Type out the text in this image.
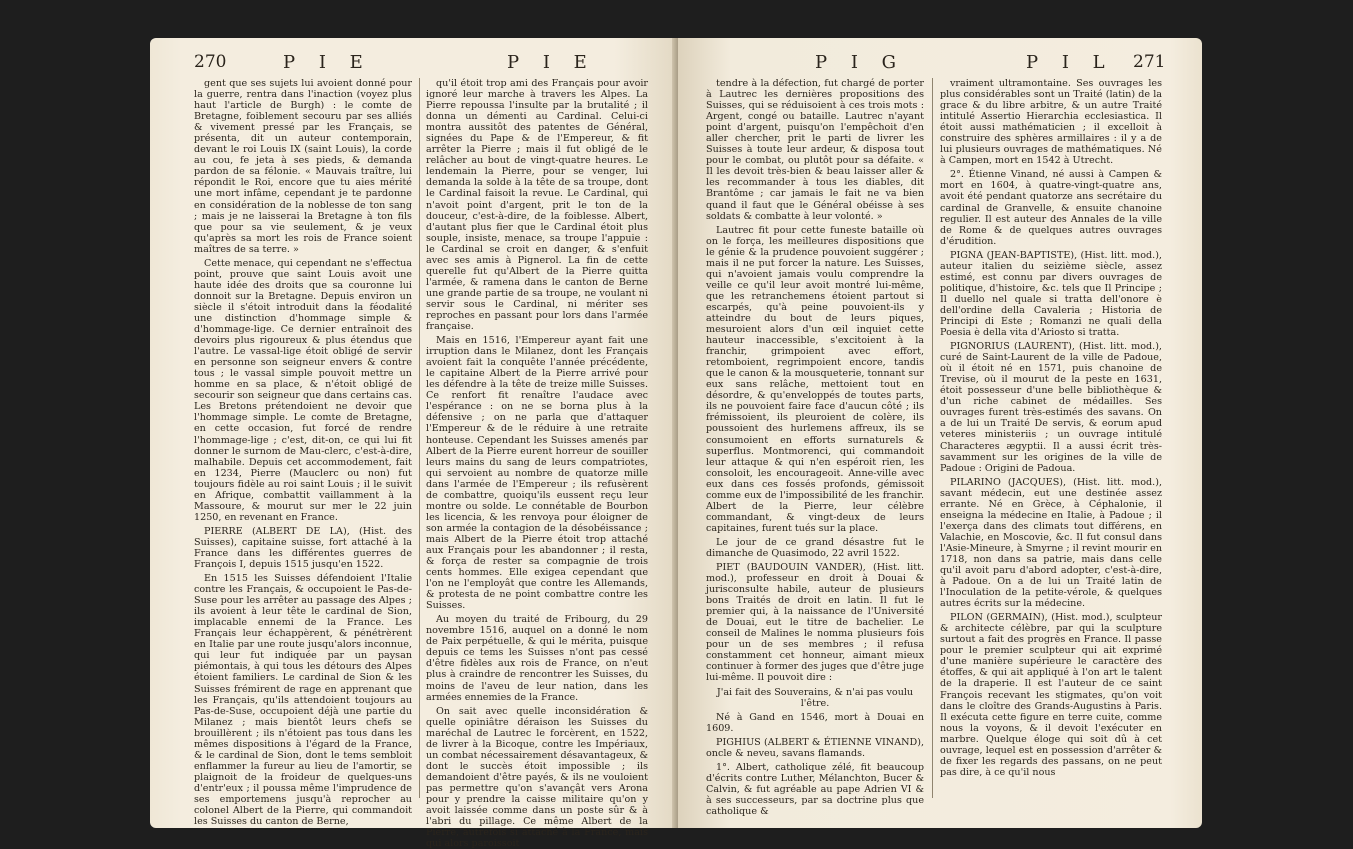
270	P I E	P I E

gent que ses sujets lui avoient donné pour la guerre, rentra dans l'inaction (voyez plus haut l'article de Burgh) : le comte de Bretagne, foiblement secouru par ses alliés & vivement pressé par les Français, se présenta, dit un auteur contemporain, devant le roi Louis IX (saint Louis), la corde au cou, fe jeta à ses pieds, & demanda pardon de sa félonie. « Mauvais traître, lui répondit le Roi, encore que tu aies mérité une mort infâme, cependant je te pardonne en considération de la noblesse de ton sang ; mais je ne laisserai la Bretagne à ton fils que pour sa vie seulement, & je veux qu'après sa mort les rois de France soient maîtres de sa terre. »

Cette menace, qui cependant ne s'effectua point, prouve que saint Louis avoit une haute idée des droits que sa couronne lui donnoit sur la Bretagne. Depuis environ un siècle il s'étoit introduit dans la féodalité une distinction d'hommage simple & d'hommage-lige. Ce dernier entraînoit des devoirs plus rigoureux & plus étendus que l'autre. Le vassal-lige étoit obligé de servir en personne son seigneur envers & contre tous ; le vassal simple pouvoit mettre un homme en sa place, & n'étoit obligé de secourir son seigneur que dans certains cas. Les Bretons prétendoient ne devoir que l'hommage simple. Le comte de Bretagne, en cette occasion, fut forcé de rendre l'hommage-lige ; c'est, dit-on, ce qui lui fit donner le surnom de Mau-clerc, c'est-à-dire, malhabile. Depuis cet accommodement, fait en 1234, Pierre (Mauclerc ou non) fut toujours fidèle au roi saint Louis ; il le suivit en Afrique, combattit vaillamment à la Massoure, & mourut sur mer le 22 juin 1250, en revenant en France.

PIERRE (ALBERT DE LA), (Hist. des Suisses), capitaine suisse, fort attaché à la France dans les différentes guerres de François I, depuis 1515 jusqu'en 1522.

En 1515 les Suisses défendoient l'Italie contre les Français, & occupoient le Pas-de-Suse pour les arrêter au passage des Alpes ; ils avoient à leur tête le cardinal de Sion, implacable ennemi de la France. Les Français leur échappèrent, & pénétrèrent en Italie par une route jusqu'alors inconnue, qui leur fut indiquée par un paysan piémontais, à qui tous les détours des Alpes étoient familiers. Le cardinal de Sion & les Suisses frémirent de rage en apprenant que les Français, qu'ils attendoient toujours au Pas-de-Suse, occupoient déjà une partie du Milanez ; mais bientôt leurs chefs se brouillèrent ; ils n'étoient pas tous dans les mêmes dispositions à l'égard de la France, & le cardinal de Sion, dont le tems sembloit enflammer la fureur au lieu de l'amortir, se plaignoit de la froideur de quelques-uns d'entr'eux ; il poussa même l'imprudence de ses emportemens jusqu'à reprocher au colonel Albert de la Pierre, qui commandoit les Suisses du canton de Berne,

qu'il étoit trop ami des Français pour avoir ignoré leur marche à travers les Alpes. La Pierre repoussa l'insulte par la brutalité ; il donna un démenti au Cardinal. Celui-ci montra aussitôt des patentes de Général, signées du Pape & de l'Empereur, & fit arrêter la Pierre ; mais il fut obligé de le relâcher au bout de vingt-quatre heures. Le lendemain la Pierre, pour se venger, lui demanda la solde à la tête de sa troupe, dont le Cardinal faisoit la revue. Le Cardinal, qui n'avoit point d'argent, prit le ton de la douceur, c'est-à-dire, de la foiblesse. Albert, d'autant plus fier que le Cardinal étoit plus souple, insiste, menace, sa troupe l'appuie : le Cardinal se croit en danger, & s'enfuit avec ses amis à Pignerol. La fin de cette querelle fut qu'Albert de la Pierre quitta l'armée, & ramena dans le canton de Berne une grande partie de sa troupe, ne voulant ni servir sous le Cardinal, ni mériter ses reproches en passant pour lors dans l'armée française.

Mais en 1516, l'Empereur ayant fait une irruption dans le Milanez, dont les Français avoient fait la conquête l'année précédente, le capitaine Albert de la Pierre arrivé pour les défendre à la tête de treize mille Suisses. Ce renfort fit renaître l'audace avec l'espérance : on ne se borna plus à la défensive ; on ne parla que d'attaquer l'Empereur & de le réduire à une retraite honteuse. Cependant les Suisses amenés par Albert de la Pierre eurent horreur de souiller leurs mains du sang de leurs compatriotes, qui servoient au nombre de quatorze mille dans l'armée de l'Empereur ; ils refusèrent de combattre, quoiqu'ils eussent reçu leur montre ou solde. Le connétable de Bourbon les licencia, & les renvoya pour éloigner de son armée la contagion de la désobéissance ; mais Albert de la Pierre étoit trop attaché aux Français pour les abandonner ; il resta, & força de rester sa compagnie de trois cents hommes. Elle exigea cependant que l'on ne l'employât que contre les Allemands, & protesta de ne point combattre contre les Suisses.

Au moyen du traité de Fribourg, du 29 novembre 1516, auquel on a donné le nom de Paix perpétuelle, & qui le mérita, puisque depuis ce tems les Suisses n'ont pas cessé d'être fidèles aux rois de France, on n'eut plus à craindre de rencontrer les Suisses, du moins de l'aveu de leur nation, dans les armées ennemies de la France.

On sait avec quelle inconsidération & quelle opiniâtre déraison les Suisses du maréchal de Lautrec le forcèrent, en 1522, de livrer à la Bicoque, contre les Impériaux, un combat nécessairement désavantageux, & dont le succès étoit impossible ; ils demandoient d'être payés, & ils ne vouloient pas permettre qu'on s'avançât vers Arona pour y prendre la caisse militaire qu'on y avoit laissée comme dans un poste sûr & à l'abri du pillage. Ce même Albert de la Pierre, autrefois si attaché à la France, mais qui alors paroissoit

P I G	P I L 271

tendre à la défection, fut chargé de porter à Lautrec les dernières propositions des Suisses, qui se réduisoient à ces trois mots : Argent, congé ou bataille. Lautrec n'ayant point d'argent, puisqu'on l'empêchoit d'en aller chercher, prit le parti de livrer les Suisses à toute leur ardeur, & disposa tout pour le combat, ou plutôt pour sa défaite. « Il les devoit très-bien & beau laisser aller & les recommander à tous les diables, dit Brantôme ; car jamais le fait ne va bien quand il faut que le Général obéisse à ses soldats & combatte à leur volonté. »

Lautrec fit pour cette funeste bataille où on le força, les meilleures dispositions que le génie & la prudence pouvoient suggérer ; mais il ne put forcer la nature. Les Suisses, qui n'avoient jamais voulu comprendre la veille ce qu'il leur avoit montré lui-même, que les retranchemens étoient partout si escarpés, qu'à peine pouvoient-ils y atteindre du bout de leurs piques, mesuroient alors d'un œil inquiet cette hauteur inaccessible, s'excitoient à la franchir, grimpoient avec effort, retomboient, regrimpoient encore, tandis que le canon & la mousqueterie, tonnant sur eux sans relâche, mettoient tout en désordre, & qu'enveloppés de toutes parts, ils ne pouvoient faire face d'aucun côté ; ils frémissoient, ils pleuroient de colère, ils poussoient des hurlemens affreux, ils se consumoient en efforts surnaturels & superflus. Montmorenci, qui commandoit leur attaque & qui n'en espéroit rien, les consoloit, les encourageoit. Anne-ville avec eux dans ces fossés profonds, gémissoit comme eux de l'impossibilité de les franchir. Albert de la Pierre, leur célèbre commandant, & vingt-deux de leurs capitaines, furent tués sur la place.

Le jour de ce grand désastre fut le dimanche de Quasimodo, 22 avril 1522.

PIET (BAUDOUIN VANDER), (Hist. litt. mod.), professeur en droit à Douai & jurisconsulte habile, auteur de plusieurs bons Traités de droit en latin. Il fut le premier qui, à la naissance de l'Université de Douai, eut le titre de bachelier. Le conseil de Malines le nomma plusieurs fois pour un de ses membres ; il refusa constamment cet honneur, aimant mieux continuer à former des juges que d'être juge lui-même. Il pouvoit dire :

J'ai fait des Souverains, & n'ai pas voulu l'être.

Né à Gand en 1546, mort à Douai en 1609.

PIGHIUS (ALBERT & ÉTIENNE VINAND), oncle & neveu, savans flamands.

1°. Albert, catholique zélé, fit beaucoup d'écrits contre Luther, Mélanchton, Bucer & Calvin, & fut agréable au pape Adrien VI & à ses successeurs, par sa doctrine plus que catholique &

vraiment ultramontaine. Ses ouvrages les plus considérables sont un Traité (latin) de la grace & du libre arbitre, & un autre Traité intitulé Assertio Hierarchia ecclesiastica. Il étoit aussi mathématicien ; il excelloit à construire des sphères armillaires : il y a de lui plusieurs ouvrages de mathématiques. Né à Campen, mort en 1542 à Utrecht.

2°. Étienne Vinand, né aussi à Campen & mort en 1604, à quatre-vingt-quatre ans, avoit été pendant quatorze ans secrétaire du cardinal de Granvelle, & ensuite chanoine regulier. Il est auteur des Annales de la ville de Rome & de quelques autres ouvrages d'érudition.

PIGNA (JEAN-BAPTISTE), (Hist. litt. mod.), auteur italien du seizième siècle, assez estimé, est connu par divers ouvrages de politique, d'histoire, &c. tels que Il Principe ; Il duello nel quale si tratta dell'onore è dell'ordine della Cavaleria ; Historia de Principi di Este ; Romanzi ne quali della Poesia è della vita d'Ariosto si tratta.

PIGNORIUS (LAURENT), (Hist. litt. mod.), curé de Saint-Laurent de la ville de Padoue, où il étoit né en 1571, puis chanoine de Trevise, où il mourut de la peste en 1631, étoit possesseur d'une belle bibliothèque & d'un riche cabinet de médailles. Ses ouvrages furent très-estimés des savans. On a de lui un Traité De servis, & eorum apud veteres ministeriis ; un ouvrage intitulé Characteres ægyptii. Il a aussi écrit très-savamment sur les origines de la ville de Padoue : Origini de Padoua.

PILARINO (JACQUES), (Hist. litt. mod.), savant médecin, eut une destinée assez errante. Né en Grèce, à Céphalonie, il enseigna la médecine en Italie, à Padoue ; il l'exerça dans des climats tout différens, en Valachie, en Moscovie, &c. Il fut consul dans l'Asie-Mineure, à Smyrne ; il revint mourir en 1718, non dans sa patrie, mais dans celle qu'il avoit paru d'abord adopter, c'est-à-dire, à Padoue. On a de lui un Traité latin de l'Inoculation de la petite-vérole, & quelques autres écrits sur la médecine.

PILON (GERMAIN), (Hist. mod.), sculpteur & architecte célèbre, par qui la sculpture surtout a fait des progrès en France. Il passe pour le premier sculpteur qui ait exprimé d'une manière supérieure le caractère des étoffes, & qui ait appliqué à l'on art le talent de la draperie. Il est l'auteur de ce saint François recevant les stigmates, qu'on voit dans le cloître des Grands-Augustins à Paris. Il exécuta cette figure en terre cuite, comme nous la voyons, & il devoit l'exécuter en marbre. Quelque éloge qui soit dû à cet ouvrage, lequel est en possession d'arrêter & de fixer les regards des passans, on ne peut pas dire, à ce qu'il nous
